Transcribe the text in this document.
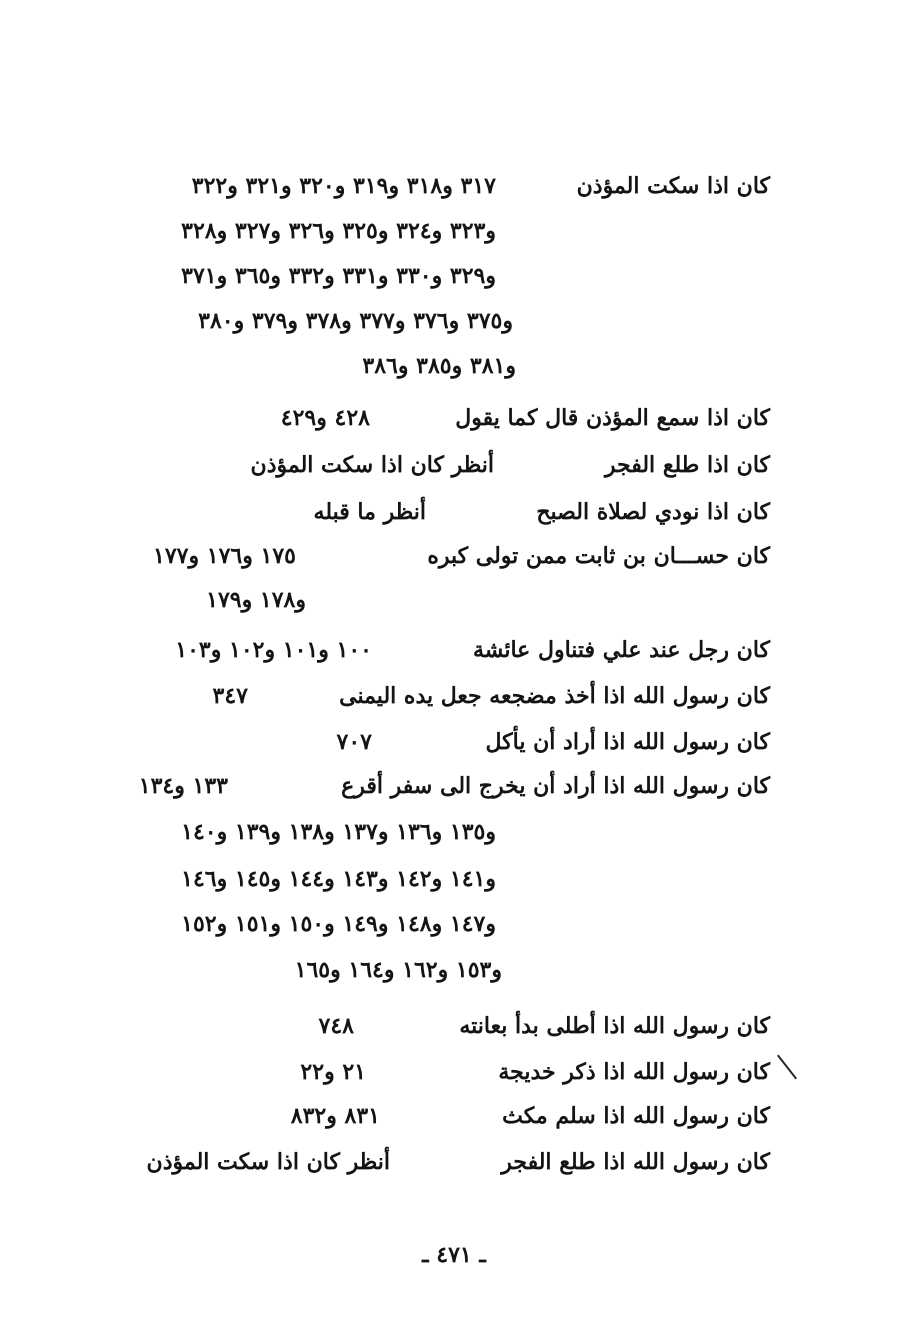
كان اذا سكت المؤذن
٣١٧ و٣١٨ و٣١٩ و٣٢٠ و٣٢١ و٣٢٢
و٣٢٣ و٣٢٤ و٣٢٥ و٣٢٦ و٣٢٧ و٣٢٨
و٣٢٩ و٣٣٠ و٣٣١ و٣٣٢ و٣٦٥ و٣٧١
و٣٧٥ و٣٧٦ و٣٧٧ و٣٧٨ و٣٧٩ و٣٨٠
و٣٨١ و٣٨٥ و٣٨٦
كان اذا سمع المؤذن قال كما يقول
٤٢٨ و٤٢٩
كان اذا طلع الفجر
أنظر كان اذا سكت المؤذن
كان اذا نودي لصلاة الصبح
أنظر ما قبله
كان حســـان بن ثابت ممن تولى كبره
١٧٥ و١٧٦ و١٧٧
و١٧٨ و١٧٩
كان رجل عند علي فتناول عائشة
١٠٠ و١٠١ و١٠٢ و١٠٣
كان رسول الله اذا أخذ مضجعه جعل يده اليمنى
٣٤٧
كان رسول الله اذا أراد أن يأكل
٧٠٧
كان رسول الله اذا أراد أن يخرج الى سفر أقرع
١٣٣ و١٣٤
و١٣٥ و١٣٦ و١٣٧ و١٣٨ و١٣٩ و١٤٠
و١٤١ و١٤٢ و١٤٣ و١٤٤ و١٤٥ و١٤٦
و١٤٧ و١٤٨ و١٤٩ و١٥٠ و١٥١ و١٥٢
و١٥٣ و١٦٢ و١٦٤ و١٦٥
كان رسول الله اذا أطلى بدأ بعانته
٧٤٨
كان رسول الله اذا ذكر خديجة
٢١ و٢٢
كان رسول الله اذا سلم مكث
٨٣١ و٨٣٢
كان رسول الله اذا طلع الفجر
أنظر كان اذا سكت المؤذن
ـ ٤٧١ ـ
